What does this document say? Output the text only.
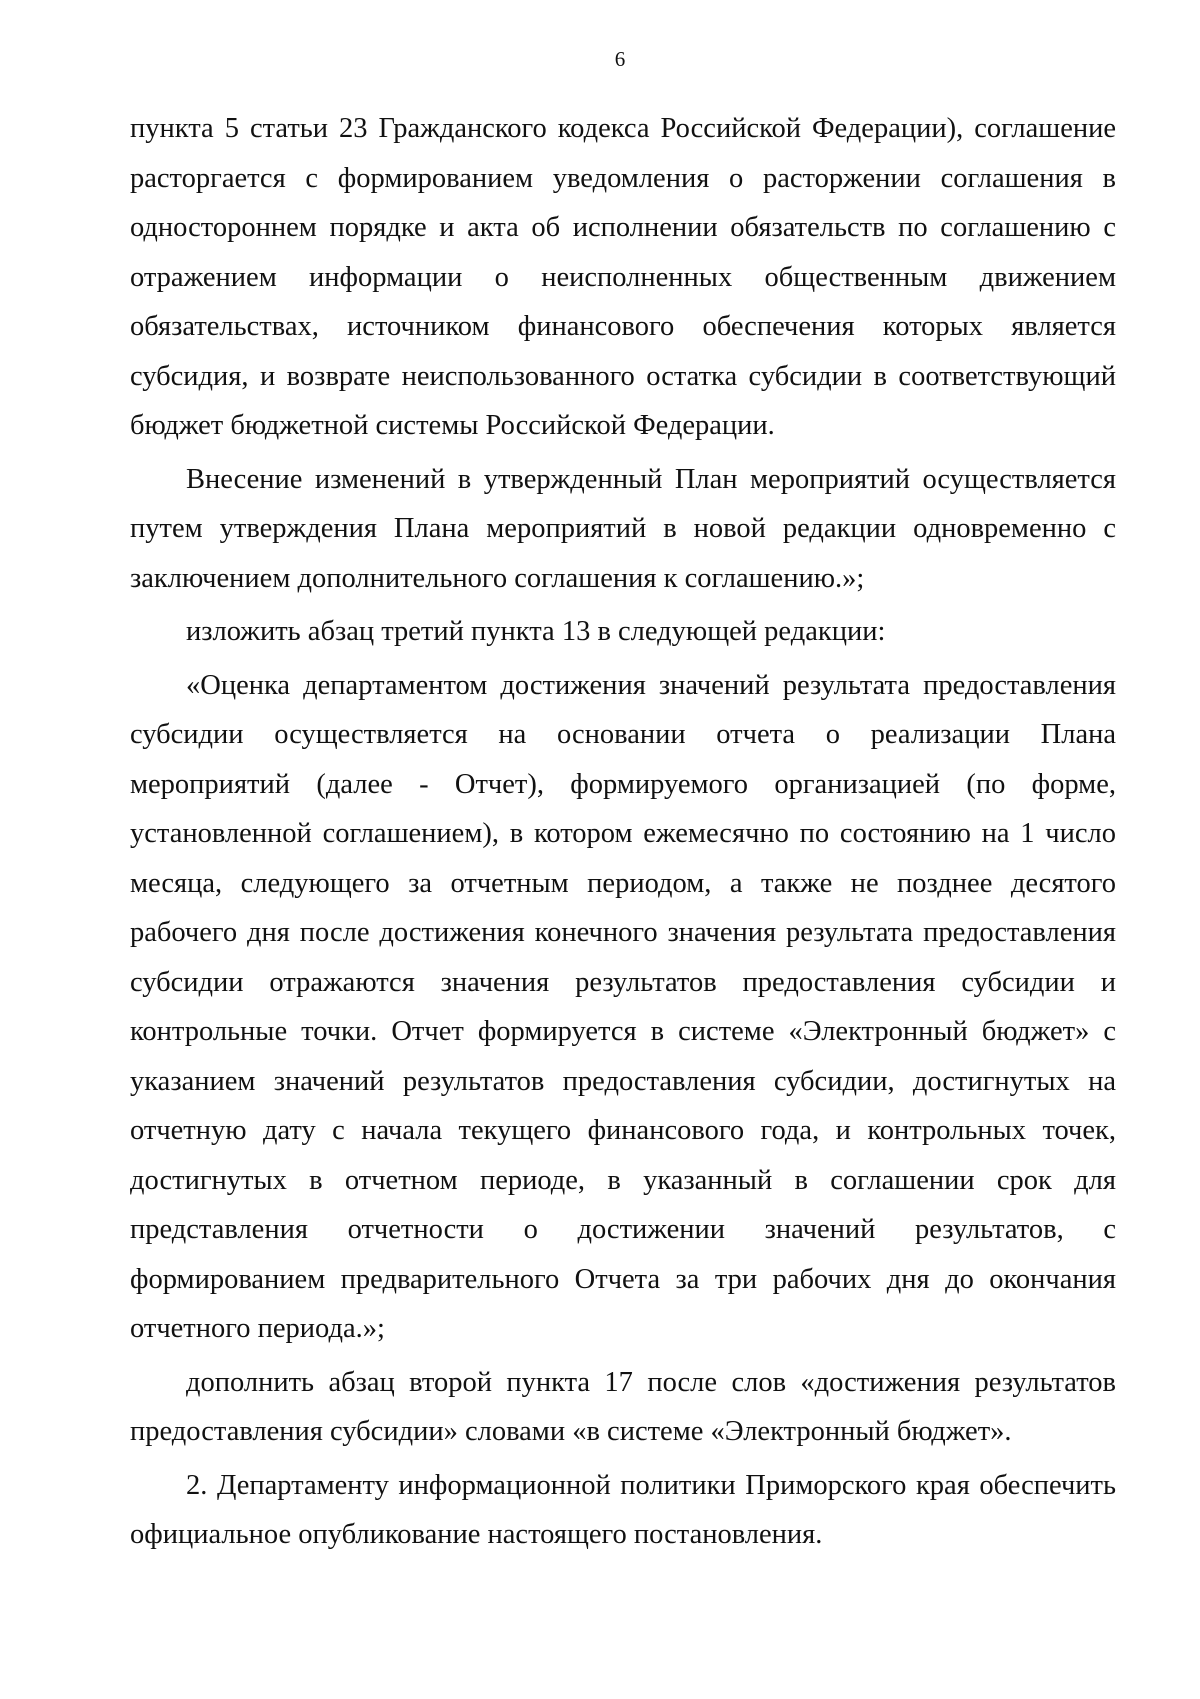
6

пункта 5 статьи 23 Гражданского кодекса Российской Федерации), соглашение расторгается с формированием уведомления о расторжении соглашения в одностороннем порядке и акта об исполнении обязательств по соглашению с отражением информации о неисполненных общественным движением обязательствах, источником финансового обеспечения которых является субсидия, и возврате неиспользованного остатка субсидии в соответствующий бюджет бюджетной системы Российской Федерации.

Внесение изменений в утвержденный План мероприятий осуществляется путем утверждения Плана мероприятий в новой редакции одновременно с заключением дополнительного соглашения к соглашению.»;

изложить абзац третий пункта 13 в следующей редакции:

«Оценка департаментом достижения значений результата предоставления субсидии осуществляется на основании отчета о реализации Плана мероприятий (далее - Отчет), формируемого организацией (по форме, установленной соглашением), в котором ежемесячно по состоянию на 1 число месяца, следующего за отчетным периодом, а также не позднее десятого рабочего дня после достижения конечного значения результата предоставления субсидии отражаются значения результатов предоставления субсидии и контрольные точки. Отчет формируется в системе «Электронный бюджет» с указанием значений результатов предоставления субсидии, достигнутых на отчетную дату с начала текущего финансового года, и контрольных точек, достигнутых в отчетном периоде, в указанный в соглашении срок для представления отчетности о достижении значений результатов, с формированием предварительного Отчета за три рабочих дня до окончания отчетного периода.»;

дополнить абзац второй пункта 17 после слов «достижения результатов предоставления субсидии» словами «в системе «Электронный бюджет».

2. Департаменту информационной политики Приморского края обеспечить официальное опубликование настоящего постановления.
